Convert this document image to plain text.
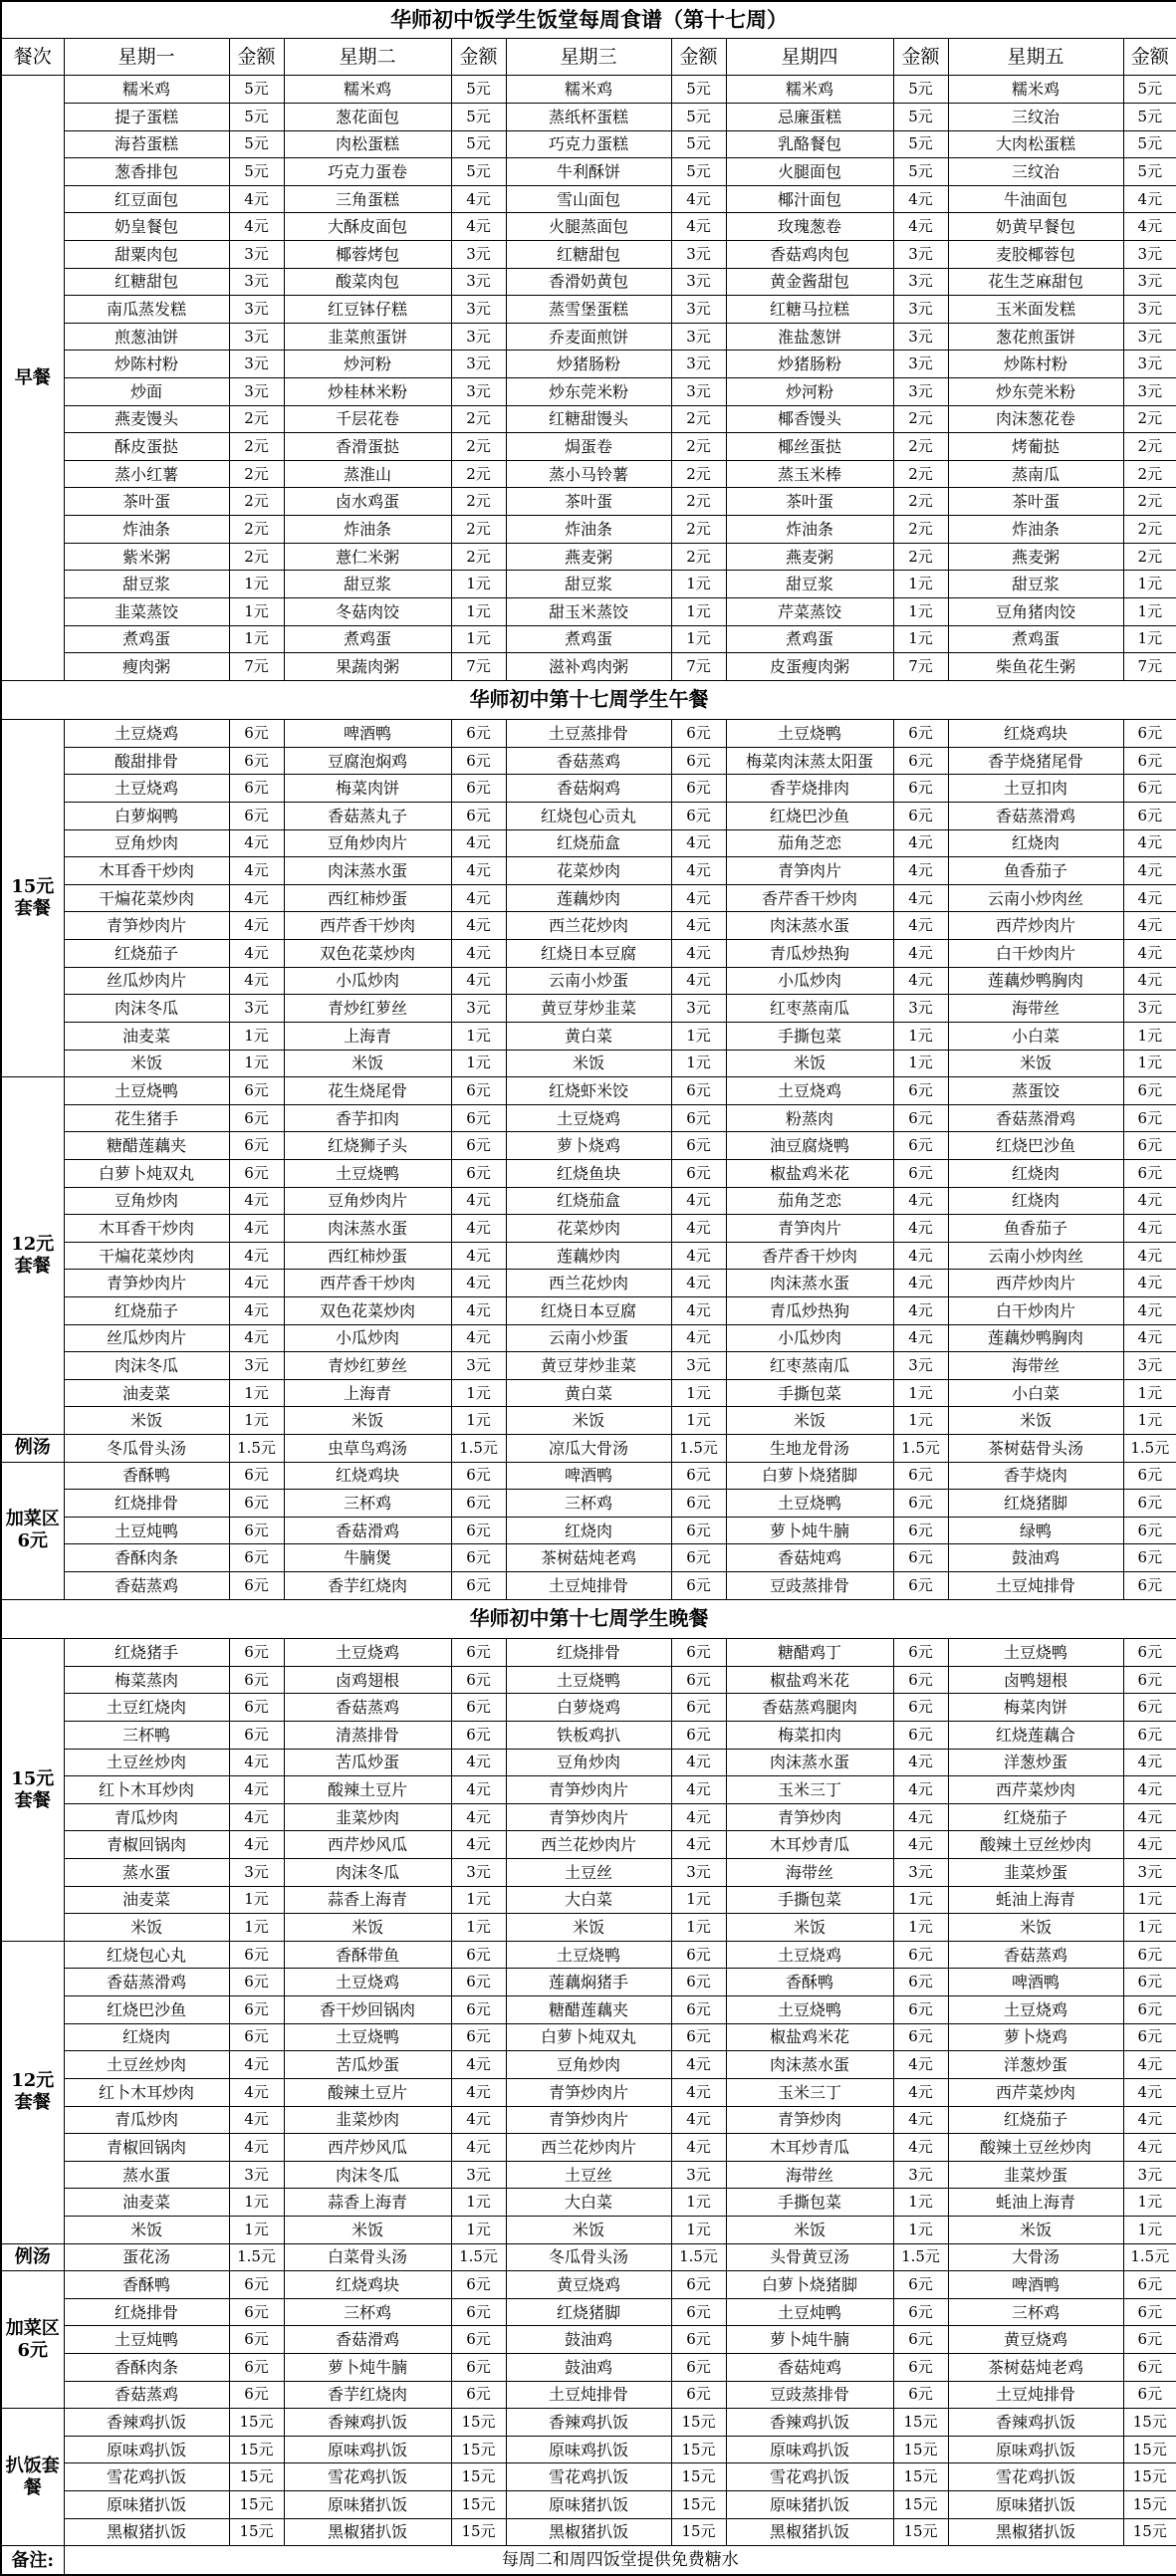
华师初中饭学生饭堂每周食谱（第十七周）										
餐次	星期一	金额	星期二	金额	星期三	金额	星期四	金额	星期五	金额
早餐	糯米鸡	5元	糯米鸡	5元	糯米鸡	5元	糯米鸡	5元	糯米鸡	5元
	提子蛋糕	5元	葱花面包	5元	蒸纸杯蛋糕	5元	忌廉蛋糕	5元	三纹治	5元
	海苔蛋糕	5元	肉松蛋糕	5元	巧克力蛋糕	5元	乳酪餐包	5元	大肉松蛋糕	5元
	葱香排包	5元	巧克力蛋卷	5元	牛利酥饼	5元	火腿面包	5元	三纹治	5元
	红豆面包	4元	三角蛋糕	4元	雪山面包	4元	椰汁面包	4元	牛油面包	4元
	奶皇餐包	4元	大酥皮面包	4元	火腿蒸面包	4元	玫瑰葱卷	4元	奶黄早餐包	4元
	甜粟肉包	3元	椰蓉烤包	3元	红糖甜包	3元	香菇鸡肉包	3元	麦胶椰蓉包	3元
	红糖甜包	3元	酸菜肉包	3元	香滑奶黄包	3元	黄金酱甜包	3元	花生芝麻甜包	3元
	南瓜蒸发糕	3元	红豆钵仔糕	3元	蒸雪堡蛋糕	3元	红糖马拉糕	3元	玉米面发糕	3元
	煎葱油饼	3元	韭菜煎蛋饼	3元	乔麦面煎饼	3元	淮盐葱饼	3元	葱花煎蛋饼	3元
	炒陈村粉	3元	炒河粉	3元	炒猪肠粉	3元	炒猪肠粉	3元	炒陈村粉	3元
	炒面	3元	炒桂林米粉	3元	炒东莞米粉	3元	炒河粉	3元	炒东莞米粉	3元
	燕麦馒头	2元	千层花卷	2元	红糖甜馒头	2元	椰香馒头	2元	肉沫葱花卷	2元
	酥皮蛋挞	2元	香滑蛋挞	2元	焗蛋卷	2元	椰丝蛋挞	2元	烤葡挞	2元
	蒸小红薯	2元	蒸淮山	2元	蒸小马铃薯	2元	蒸玉米棒	2元	蒸南瓜	2元
	茶叶蛋	2元	卤水鸡蛋	2元	茶叶蛋	2元	茶叶蛋	2元	茶叶蛋	2元
	炸油条	2元	炸油条	2元	炸油条	2元	炸油条	2元	炸油条	2元
	紫米粥	2元	薏仁米粥	2元	燕麦粥	2元	燕麦粥	2元	燕麦粥	2元
	甜豆浆	1元	甜豆浆	1元	甜豆浆	1元	甜豆浆	1元	甜豆浆	1元
	韭菜蒸饺	1元	冬菇肉饺	1元	甜玉米蒸饺	1元	芹菜蒸饺	1元	豆角猪肉饺	1元
	煮鸡蛋	1元	煮鸡蛋	1元	煮鸡蛋	1元	煮鸡蛋	1元	煮鸡蛋	1元
	瘦肉粥	7元	果蔬肉粥	7元	滋补鸡肉粥	7元	皮蛋瘦肉粥	7元	柴鱼花生粥	7元
华师初中第十七周学生午餐										
15元套餐	土豆烧鸡	6元	啤酒鸭	6元	土豆蒸排骨	6元	土豆烧鸭	6元	红烧鸡块	6元
	酸甜排骨	6元	豆腐泡焖鸡	6元	香菇蒸鸡	6元	梅菜肉沫蒸太阳蛋	6元	香芋烧猪尾骨	6元
	土豆烧鸡	6元	梅菜肉饼	6元	香菇焖鸡	6元	香芋烧排肉	6元	土豆扣肉	6元
	白萝焖鸭	6元	香菇蒸丸子	6元	红烧包心贡丸	6元	红烧巴沙鱼	6元	香菇蒸滑鸡	6元
	豆角炒肉	4元	豆角炒肉片	4元	红烧茄盒	4元	茄角芝恋	4元	红烧肉	4元
	木耳香干炒肉	4元	肉沫蒸水蛋	4元	花菜炒肉	4元	青笋肉片	4元	鱼香茄子	4元
	干煸花菜炒肉	4元	西红柿炒蛋	4元	莲藕炒肉	4元	香芹香干炒肉	4元	云南小炒肉丝	4元
	青笋炒肉片	4元	西芹香干炒肉	4元	西兰花炒肉	4元	肉沫蒸水蛋	4元	西芹炒肉片	4元
	红烧茄子	4元	双色花菜炒肉	4元	红烧日本豆腐	4元	青瓜炒热狗	4元	白干炒肉片	4元
	丝瓜炒肉片	4元	小瓜炒肉	4元	云南小炒蛋	4元	小瓜炒肉	4元	莲藕炒鸭胸肉	4元
	肉沫冬瓜	3元	青炒红萝丝	3元	黄豆芽炒韭菜	3元	红枣蒸南瓜	3元	海带丝	3元
	油麦菜	1元	上海青	1元	黄白菜	1元	手撕包菜	1元	小白菜	1元
	米饭	1元	米饭	1元	米饭	1元	米饭	1元	米饭	1元
12元套餐	土豆烧鸭	6元	花生烧尾骨	6元	红烧虾米饺	6元	土豆烧鸡	6元	蒸蛋饺	6元
	花生猪手	6元	香芋扣肉	6元	土豆烧鸡	6元	粉蒸肉	6元	香菇蒸滑鸡	6元
	糖醋莲藕夹	6元	红烧狮子头	6元	萝卜烧鸡	6元	油豆腐烧鸭	6元	红烧巴沙鱼	6元
	白萝卜炖双丸	6元	土豆烧鸭	6元	红烧鱼块	6元	椒盐鸡米花	6元	红烧肉	6元
	豆角炒肉	4元	豆角炒肉片	4元	红烧茄盒	4元	茄角芝恋	4元	红烧肉	4元
	木耳香干炒肉	4元	肉沫蒸水蛋	4元	花菜炒肉	4元	青笋肉片	4元	鱼香茄子	4元
	干煸花菜炒肉	4元	西红柿炒蛋	4元	莲藕炒肉	4元	香芹香干炒肉	4元	云南小炒肉丝	4元
	青笋炒肉片	4元	西芹香干炒肉	4元	西兰花炒肉	4元	肉沫蒸水蛋	4元	西芹炒肉片	4元
	红烧茄子	4元	双色花菜炒肉	4元	红烧日本豆腐	4元	青瓜炒热狗	4元	白干炒肉片	4元
	丝瓜炒肉片	4元	小瓜炒肉	4元	云南小炒蛋	4元	小瓜炒肉	4元	莲藕炒鸭胸肉	4元
	肉沫冬瓜	3元	青炒红萝丝	3元	黄豆芽炒韭菜	3元	红枣蒸南瓜	3元	海带丝	3元
	油麦菜	1元	上海青	1元	黄白菜	1元	手撕包菜	1元	小白菜	1元
	米饭	1元	米饭	1元	米饭	1元	米饭	1元	米饭	1元
例汤	冬瓜骨头汤	1.5元	虫草鸟鸡汤	1.5元	凉瓜大骨汤	1.5元	生地龙骨汤	1.5元	茶树菇骨头汤	1.5元
加菜区6元	香酥鸭	6元	红烧鸡块	6元	啤酒鸭	6元	白萝卜烧猪脚	6元	香芋烧肉	6元
	红烧排骨	6元	三杯鸡	6元	三杯鸡	6元	土豆烧鸭	6元	红烧猪脚	6元
	土豆炖鸭	6元	香菇滑鸡	6元	红烧肉	6元	萝卜炖牛腩	6元	绿鸭	6元
	香酥肉条	6元	牛腩煲	6元	茶树菇炖老鸡	6元	香菇炖鸡	6元	鼓油鸡	6元
	香菇蒸鸡	6元	香芋红烧肉	6元	土豆炖排骨	6元	豆豉蒸排骨	6元	土豆炖排骨	6元
华师初中第十七周学生晚餐										
15元套餐	红烧猪手	6元	土豆烧鸡	6元	红烧排骨	6元	糖醋鸡丁	6元	土豆烧鸭	6元
	梅菜蒸肉	6元	卤鸡翅根	6元	土豆烧鸭	6元	椒盐鸡米花	6元	卤鸭翅根	6元
	土豆红烧肉	6元	香菇蒸鸡	6元	白萝烧鸡	6元	香菇蒸鸡腿肉	6元	梅菜肉饼	6元
	三杯鸭	6元	清蒸排骨	6元	铁板鸡扒	6元	梅菜扣肉	6元	红烧莲藕合	6元
	土豆丝炒肉	4元	苦瓜炒蛋	4元	豆角炒肉	4元	肉沫蒸水蛋	4元	洋葱炒蛋	4元
	红卜木耳炒肉	4元	酸辣土豆片	4元	青笋炒肉片	4元	玉米三丁	4元	西芹菜炒肉	4元
	青瓜炒肉	4元	韭菜炒肉	4元	青笋炒肉片	4元	青笋炒肉	4元	红烧茄子	4元
	青椒回锅肉	4元	西芹炒风瓜	4元	西兰花炒肉片	4元	木耳炒青瓜	4元	酸辣土豆丝炒肉	4元
	蒸水蛋	3元	肉沫冬瓜	3元	土豆丝	3元	海带丝	3元	韭菜炒蛋	3元
	油麦菜	1元	蒜香上海青	1元	大白菜	1元	手撕包菜	1元	蚝油上海青	1元
	米饭	1元	米饭	1元	米饭	1元	米饭	1元	米饭	1元
12元套餐	红烧包心丸	6元	香酥带鱼	6元	土豆烧鸭	6元	土豆烧鸡	6元	香菇蒸鸡	6元
	香菇蒸滑鸡	6元	土豆烧鸡	6元	莲藕焖猪手	6元	香酥鸭	6元	啤酒鸭	6元
	红烧巴沙鱼	6元	香干炒回锅肉	6元	糖醋莲藕夹	6元	土豆烧鸭	6元	土豆烧鸡	6元
	红烧肉	6元	土豆烧鸭	6元	白萝卜炖双丸	6元	椒盐鸡米花	6元	萝卜烧鸡	6元
	土豆丝炒肉	4元	苦瓜炒蛋	4元	豆角炒肉	4元	肉沫蒸水蛋	4元	洋葱炒蛋	4元
	红卜木耳炒肉	4元	酸辣土豆片	4元	青笋炒肉片	4元	玉米三丁	4元	西芹菜炒肉	4元
	青瓜炒肉	4元	韭菜炒肉	4元	青笋炒肉片	4元	青笋炒肉	4元	红烧茄子	4元
	青椒回锅肉	4元	西芹炒风瓜	4元	西兰花炒肉片	4元	木耳炒青瓜	4元	酸辣土豆丝炒肉	4元
	蒸水蛋	3元	肉沫冬瓜	3元	土豆丝	3元	海带丝	3元	韭菜炒蛋	3元
	油麦菜	1元	蒜香上海青	1元	大白菜	1元	手撕包菜	1元	蚝油上海青	1元
	米饭	1元	米饭	1元	米饭	1元	米饭	1元	米饭	1元
例汤	蛋花汤	1.5元	白菜骨头汤	1.5元	冬瓜骨头汤	1.5元	头骨黄豆汤	1.5元	大骨汤	1.5元
加菜区6元	香酥鸭	6元	红烧鸡块	6元	黄豆烧鸡	6元	白萝卜烧猪脚	6元	啤酒鸭	6元
	红烧排骨	6元	三杯鸡	6元	红烧猪脚	6元	土豆炖鸭	6元	三杯鸡	6元
	土豆炖鸭	6元	香菇滑鸡	6元	鼓油鸡	6元	萝卜炖牛腩	6元	黄豆烧鸡	6元
	香酥肉条	6元	萝卜炖牛腩	6元	鼓油鸡	6元	香菇炖鸡	6元	茶树菇炖老鸡	6元
	香菇蒸鸡	6元	香芋红烧肉	6元	土豆炖排骨	6元	豆豉蒸排骨	6元	土豆炖排骨	6元
扒饭套餐	香辣鸡扒饭	15元	香辣鸡扒饭	15元	香辣鸡扒饭	15元	香辣鸡扒饭	15元	香辣鸡扒饭	15元
	原味鸡扒饭	15元	原味鸡扒饭	15元	原味鸡扒饭	15元	原味鸡扒饭	15元	原味鸡扒饭	15元
	雪花鸡扒饭	15元	雪花鸡扒饭	15元	雪花鸡扒饭	15元	雪花鸡扒饭	15元	雪花鸡扒饭	15元
	原味猪扒饭	15元	原味猪扒饭	15元	原味猪扒饭	15元	原味猪扒饭	15元	原味猪扒饭	15元
	黑椒猪扒饭	15元	黑椒猪扒饭	15元	黑椒猪扒饭	15元	黑椒猪扒饭	15元	黑椒猪扒饭	15元
备注:	每周二和周四饭堂提供免费糖水									
